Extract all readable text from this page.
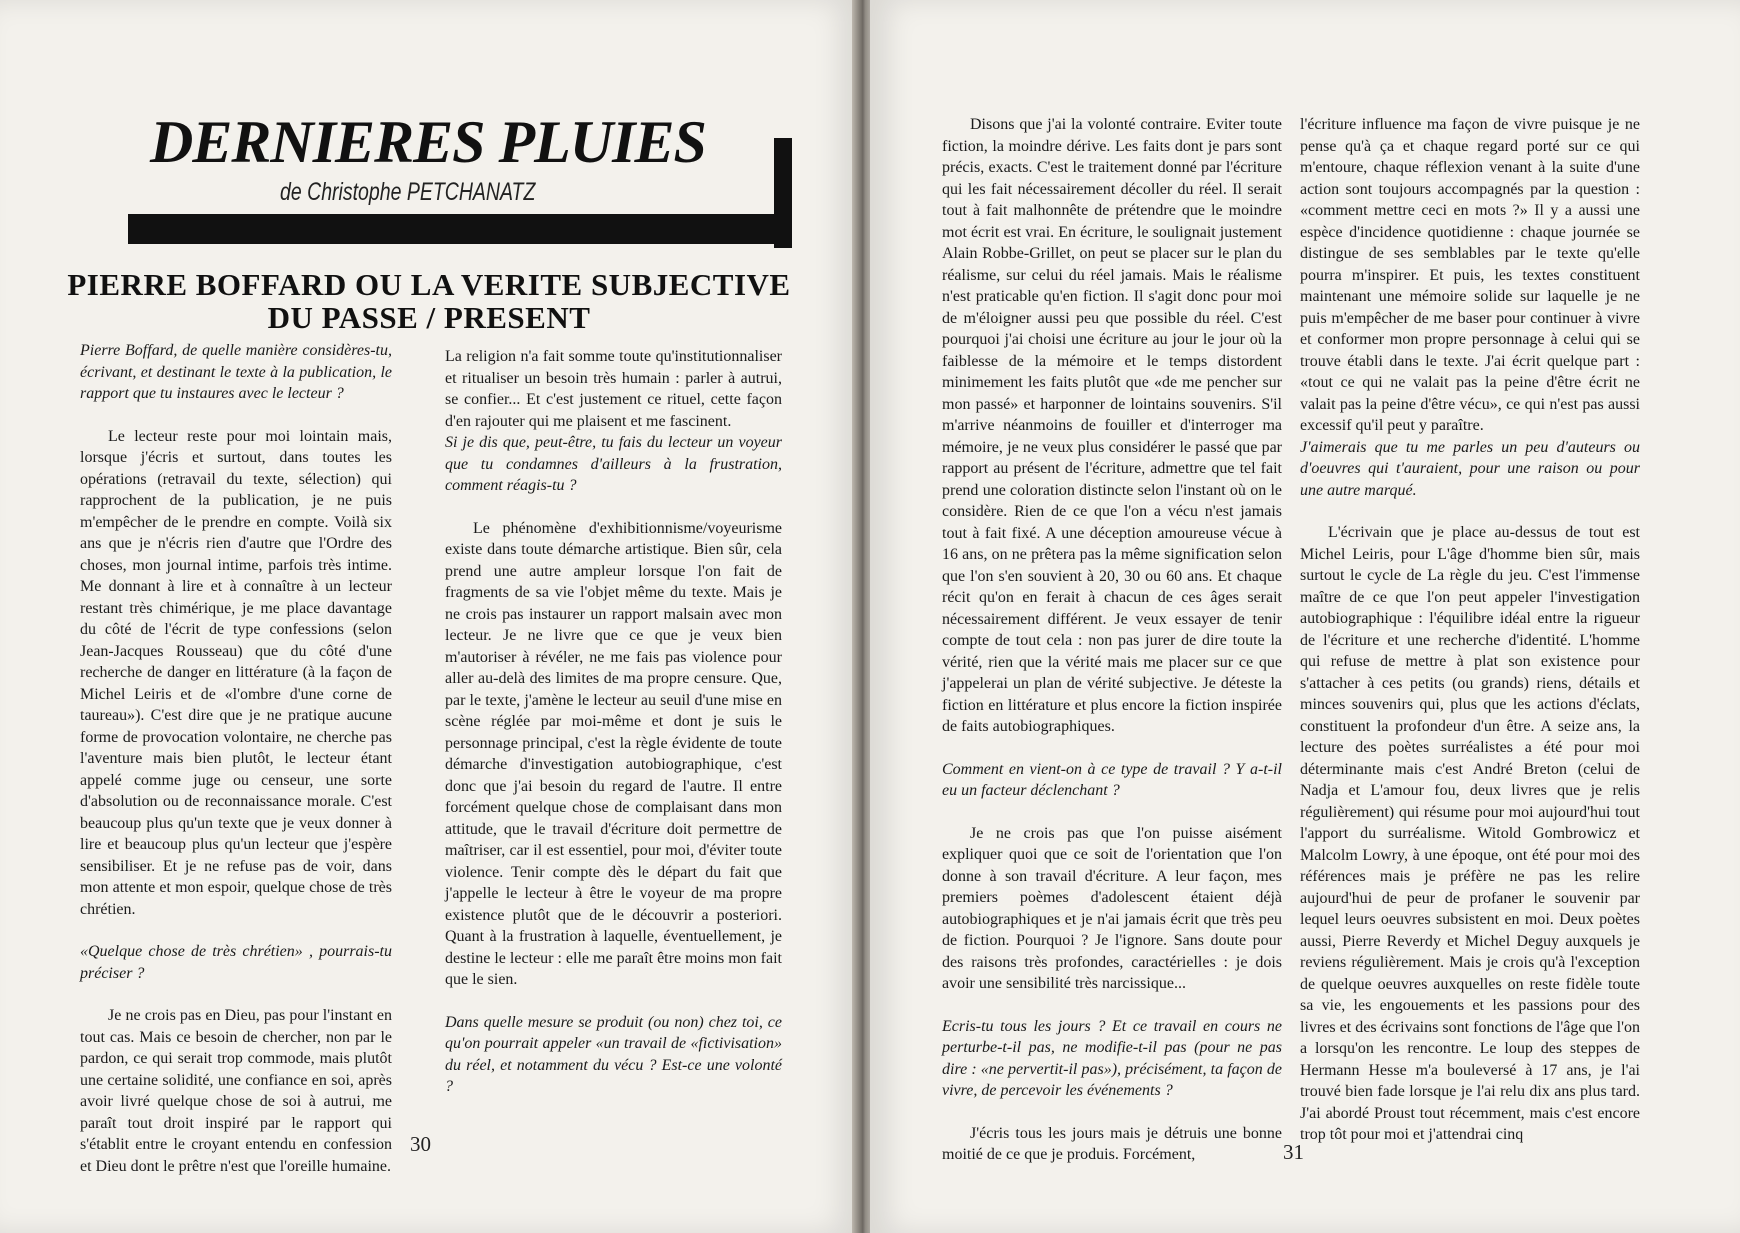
DERNIERES PLUIES
de Christophe PETCHANATZ
PIERRE BOFFARD OU LA VERITE SUBJECTIVE
DU PASSE / PRESENT

Pierre Boffard, de quelle manière considères-tu, écrivant, et destinant le texte à la publication, le rapport que tu instaures avec le lecteur ?

Le lecteur reste pour moi lointain mais, lorsque j'écris et surtout, dans toutes les opérations (retravail du texte, sélection) qui rapprochent de la publication, je ne puis m'empêcher de le prendre en compte. Voilà six ans que je n'écris rien d'autre que l'Ordre des choses, mon journal intime, parfois très intime. Me donnant à lire et à connaître à un lecteur restant très chimérique, je me place davantage du côté de l'écrit de type confessions (selon Jean-Jacques Rousseau) que du côté d'une recherche de danger en littérature (à la façon de Michel Leiris et de «l'ombre d'une corne de taureau»). C'est dire que je ne pratique aucune forme de provocation volontaire, ne cherche pas l'aventure mais bien plutôt, le lecteur étant appelé comme juge ou censeur, une sorte d'absolution ou de reconnaissance morale. C'est beaucoup plus qu'un texte que je veux donner à lire et beaucoup plus qu'un lecteur que j'espère sensibiliser. Et je ne refuse pas de voir, dans mon attente et mon espoir, quelque chose de très chrétien.

«Quelque chose de très chrétien» , pourrais-tu préciser ?

Je ne crois pas en Dieu, pas pour l'instant en tout cas. Mais ce besoin de chercher, non par le pardon, ce qui serait trop commode, mais plutôt une certaine solidité, une confiance en soi, après avoir livré quelque chose de soi à autrui, me paraît tout droit inspiré par le rapport qui s'établit entre le croyant entendu en confession et Dieu dont le prêtre n'est que l'oreille humaine.

La religion n'a fait somme toute qu'institutionnaliser et ritualiser un besoin très humain : parler à autrui, se confier... Et c'est justement ce rituel, cette façon d'en rajouter qui me plaisent et me fascinent.

Si je dis que, peut-être, tu fais du lecteur un voyeur que tu condamnes d'ailleurs à la frustration, comment réagis-tu ?

Le phénomène d'exhibitionnisme/voyeurisme existe dans toute démarche artistique. Bien sûr, cela prend une autre ampleur lorsque l'on fait de fragments de sa vie l'objet même du texte. Mais je ne crois pas instaurer un rapport malsain avec mon lecteur. Je ne livre que ce que je veux bien m'autoriser à révéler, ne me fais pas violence pour aller au-delà des limites de ma propre censure. Que, par le texte, j'amène le lecteur au seuil d'une mise en scène réglée par moi-même et dont je suis le personnage principal, c'est la règle évidente de toute démarche d'investigation autobiographique, c'est donc que j'ai besoin du regard de l'autre. Il entre forcément quelque chose de complaisant dans mon attitude, que le travail d'écriture doit permettre de maîtriser, car il est essentiel, pour moi, d'éviter toute violence. Tenir compte dès le départ du fait que j'appelle le lecteur à être le voyeur de ma propre existence plutôt que de le découvrir a posteriori. Quant à la frustration à laquelle, éventuellement, je destine le lecteur : elle me paraît être moins mon fait que le sien.

Dans quelle mesure se produit (ou non) chez toi, ce qu'on pourrait appeler «un travail de «fictivisation» du réel, et notamment du vécu ? Est-ce une volonté ?

30

Disons que j'ai la volonté contraire. Eviter toute fiction, la moindre dérive. Les faits dont je pars sont précis, exacts. C'est le traitement donné par l'écriture qui les fait nécessairement décoller du réel. Il serait tout à fait malhonnête de prétendre que le moindre mot écrit est vrai. En écriture, le soulignait justement Alain Robbe-Grillet, on peut se placer sur le plan du réalisme, sur celui du réel jamais. Mais le réalisme n'est praticable qu'en fiction. Il s'agit donc pour moi de m'éloigner aussi peu que possible du réel. C'est pourquoi j'ai choisi une écriture au jour le jour où la faiblesse de la mémoire et le temps distordent minimement les faits plutôt que «de me pencher sur mon passé» et harponner de lointains souvenirs. S'il m'arrive néanmoins de fouiller et d'interroger ma mémoire, je ne veux plus considérer le passé que par rapport au présent de l'écriture, admettre que tel fait prend une coloration distincte selon l'instant où on le considère. Rien de ce que l'on a vécu n'est jamais tout à fait fixé. A une déception amoureuse vécue à 16 ans, on ne prêtera pas la même signification selon que l'on s'en souvient à 20, 30 ou 60 ans. Et chaque récit qu'on en ferait à chacun de ces âges serait nécessairement différent. Je veux essayer de tenir compte de tout cela : non pas jurer de dire toute la vérité, rien que la vérité mais me placer sur ce que j'appelerai un plan de vérité subjective. Je déteste la fiction en littérature et plus encore la fiction inspirée de faits autobiographiques.

Comment en vient-on à ce type de travail ? Y a-t-il eu un facteur déclenchant ?

Je ne crois pas que l'on puisse aisément expliquer quoi que ce soit de l'orientation que l'on donne à son travail d'écriture. A leur façon, mes premiers poèmes d'adolescent étaient déjà autobiographiques et je n'ai jamais écrit que très peu de fiction. Pourquoi ? Je l'ignore. Sans doute pour des raisons très profondes, caractérielles : je dois avoir une sensibilité très narcissique...

Ecris-tu tous les jours ? Et ce travail en cours ne perturbe-t-il pas, ne modifie-t-il pas (pour ne pas dire : «ne pervertit-il pas»), précisément, ta façon de vivre, de percevoir les événements ?

J'écris tous les jours mais je détruis une bonne moitié de ce que je produis. Forcément,

l'écriture influence ma façon de vivre puisque je ne pense qu'à ça et chaque regard porté sur ce qui m'entoure, chaque réflexion venant à la suite d'une action sont toujours accompagnés par la question : «comment mettre ceci en mots ?» Il y a aussi une espèce d'incidence quotidienne : chaque journée se distingue de ses semblables par le texte qu'elle pourra m'inspirer. Et puis, les textes constituent maintenant une mémoire solide sur laquelle je ne puis m'empêcher de me baser pour continuer à vivre et conformer mon propre personnage à celui qui se trouve établi dans le texte. J'ai écrit quelque part : «tout ce qui ne valait pas la peine d'être écrit ne valait pas la peine d'être vécu», ce qui n'est pas aussi excessif qu'il peut y paraître.

J'aimerais que tu me parles un peu d'auteurs ou d'oeuvres qui t'auraient, pour une raison ou pour une autre marqué.

L'écrivain que je place au-dessus de tout est Michel Leiris, pour L'âge d'homme bien sûr, mais surtout le cycle de La règle du jeu. C'est l'immense maître de ce que l'on peut appeler l'investigation autobiographique : l'équilibre idéal entre la rigueur de l'écriture et une recherche d'identité. L'homme qui refuse de mettre à plat son existence pour s'attacher à ces petits (ou grands) riens, détails et minces souvenirs qui, plus que les actions d'éclats, constituent la profondeur d'un être. A seize ans, la lecture des poètes surréalistes a été pour moi déterminante mais c'est André Breton (celui de Nadja et L'amour fou, deux livres que je relis régulièrement) qui résume pour moi aujourd'hui tout l'apport du surréalisme. Witold Gombrowicz et Malcolm Lowry, à une époque, ont été pour moi des références mais je préfère ne pas les relire aujourd'hui de peur de profaner le souvenir par lequel leurs oeuvres subsistent en moi. Deux poètes aussi, Pierre Reverdy et Michel Deguy auxquels je reviens régulièrement. Mais je crois qu'à l'exception de quelque oeuvres auxquelles on reste fidèle toute sa vie, les engouements et les passions pour des livres et des écrivains sont fonctions de l'âge que l'on a lorsqu'on les rencontre. Le loup des steppes de Hermann Hesse m'a bouleversé à 17 ans, je l'ai trouvé bien fade lorsque je l'ai relu dix ans plus tard. J'ai abordé Proust tout récemment, mais c'est encore trop tôt pour moi et j'attendrai cinq

31
